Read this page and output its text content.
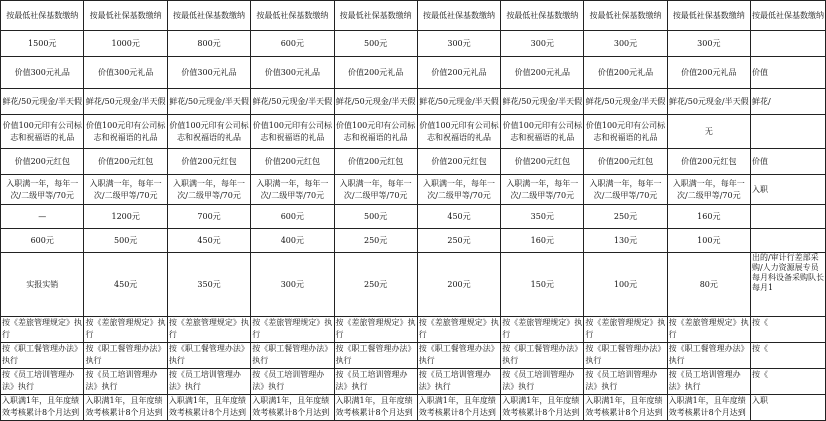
按最低社保基数缴纳	按最低社保基数缴纳	按最低社保基数缴纳	按最低社保基数缴纳	按最低社保基数缴纳	按最低社保基数缴纳	按最低社保基数缴纳	按最低社保基数缴纳	按最低社保基数缴纳	按最低社保基数缴纳
1500元	1000元	800元	600元	500元	300元	300元	300元	300元	
价值300元礼品	价值300元礼品	价值300元礼品	价值300元礼品	价值200元礼品	价值200元礼品	价值200元礼品	价值200元礼品	价值200元礼品	价值
鲜花/50元现金/半天假	鲜花/50元现金/半天假	鲜花/50元现金/半天假	鲜花/50元现金/半天假	鲜花/50元现金/半天假	鲜花/50元现金/半天假	鲜花/50元现金/半天假	鲜花/50元现金/半天假	鲜花/50元现金/半天假	鲜花/
价值100元印有公司标志和祝福语的礼品	价值100元印有公司标志和祝福语的礼品	价值100元印有公司标志和祝福语的礼品	价值100元印有公司标志和祝福语的礼品	价值100元印有公司标志和祝福语的礼品	价值100元印有公司标志和祝福语的礼品	价值100元印有公司标志和祝福语的礼品	价值100元印有公司标志和祝福语的礼品	无	
价值200元红包	价值200元红包	价值200元红包	价值200元红包	价值200元红包	价值200元红包	价值200元红包	价值200元红包	价值200元红包	价值
入职满一年，每年一次/二级甲等/70元	入职满一年，每年一次/二级甲等/70元	入职满一年，每年一次/二级甲等/70元	入职满一年，每年一次/二级甲等/70元	入职满一年，每年一次/二级甲等/70元	入职满一年，每年一次/二级甲等/70元	入职满一年，每年一次/二级甲等/70元	入职满一年，每年一次/二级甲等/70元	入职满一年，每年一次/二级甲等/70元	入职
—	1200元	700元	600元	500元	450元	350元	250元	160元	
600元	500元	450元	400元	250元	250元	160元	130元	100元	
实报实销	450元	350元	300元	250元	200元	150元	100元	80元	出的/审计行差部采购/人力资源展专员每月科设备采购队长每月1
按《差旅管理规定》执行	按《差旅管理规定》执行	按《差旅管理规定》执行	按《差旅管理规定》执行	按《差旅管理规定》执行	按《差旅管理规定》执行	按《差旅管理规定》执行	按《差旅管理规定》执行	按《差旅管理规定》执行	按《
按《职工餐管理办法》执行	按《职工餐管理办法》执行	按《职工餐管理办法》执行	按《职工餐管理办法》执行	按《职工餐管理办法》执行	按《职工餐管理办法》执行	按《职工餐管理办法》执行	按《职工餐管理办法》执行	按《职工餐管理办法》执行	按《
按《员工培训管理办法》执行	按《员工培训管理办法》执行	按《员工培训管理办法》执行	按《员工培训管理办法》执行	按《员工培训管理办法》执行	按《员工培训管理办法》执行	按《员工培训管理办法》执行	按《员工培训管理办法》执行	按《员工培训管理办法》执行	按《
入职满1年，且年度绩效考核累计8个月达到	入职满1年，且年度绩效考核累计8个月达到	入职满1年，且年度绩效考核累计8个月达到	入职满1年，且年度绩效考核累计8个月达到	入职满1年，且年度绩效考核累计8个月达到	入职满1年，且年度绩效考核累计8个月达到	入职满1年，且年度绩效考核累计8个月达到	入职满1年，且年度绩效考核累计8个月达到	入职满1年，且年度绩效考核累计8个月达到	入职
